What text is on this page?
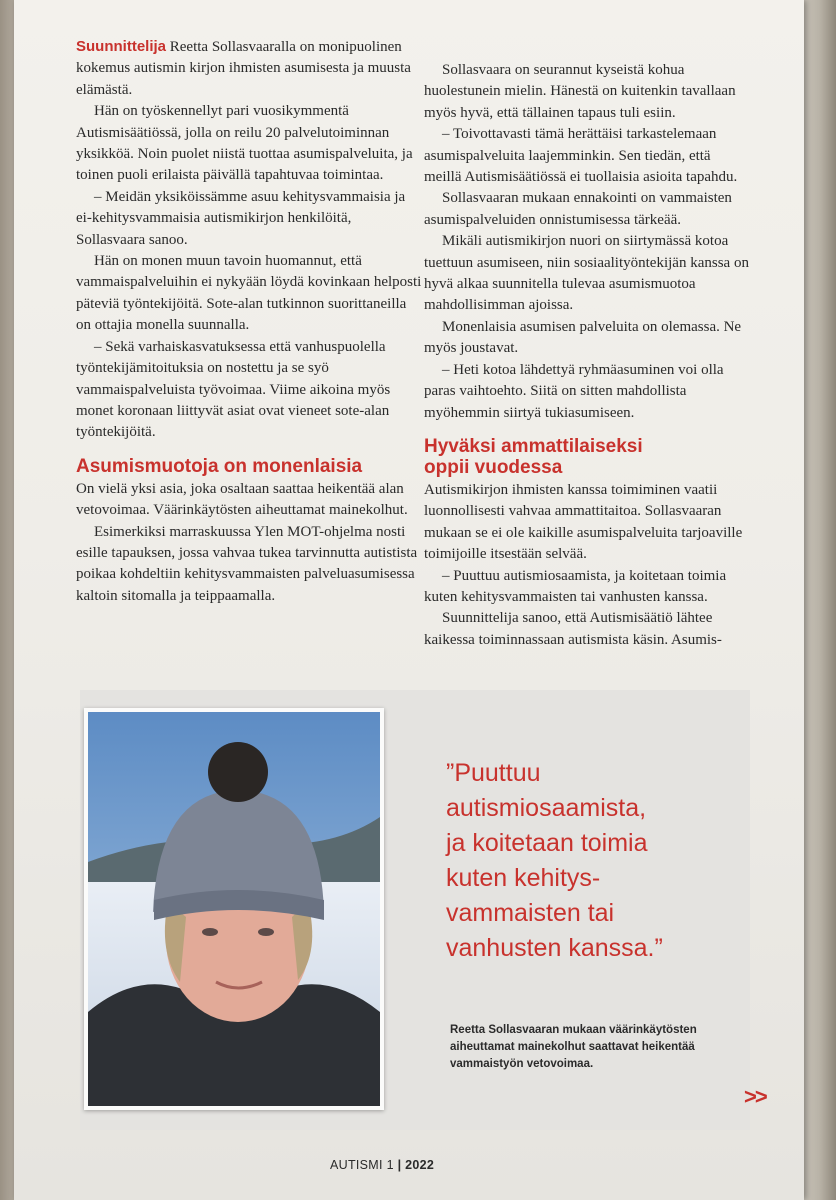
Suunnittelija Reetta Sollasvaaralla on monipuolinen kokemus autismin kirjon ihmisten asumisesta ja muusta elämästä.

Hän on työskennellyt pari vuosikymmentä Autismisäätiössä, jolla on reilu 20 palvelutoiminnan yksikköä. Noin puolet niistä tuottaa asumispalveluita, ja toinen puoli erilaista päivällä tapahtuvaa toimintaa.

– Meidän yksiköissämme asuu kehitysvammaisia ja ei-kehitysvammaisia autismikirjon henkilöitä, Sollasvaara sanoo.

Hän on monen muun tavoin huomannut, että vammaispalveluihin ei nykyään löydä kovinkaan helposti päteviä työntekijöitä. Sote-alan tutkinnon suorittaneilla on ottajia monella suunnalla.

– Sekä varhaiskasvatuksessa että vanhuspuolella työntekijämitoituksia on nostettu ja se syö vammaispalveluista työvoimaa. Viime aikoina myös monet koronaan liittyvät asiat ovat vieneet sote-alan työntekijöitä.

Asumismuotoja on monenlaisia

On vielä yksi asia, joka osaltaan saattaa heikentää alan vetovoimaa. Väärinkäytösten aiheuttamat mainekolhut.

Esimerkiksi marraskuussa Ylen MOT-ohjelma nosti esille tapauksen, jossa vahvaa tukea tarvinnutta autistista poikaa kohdeltiin kehitysvammaisten palveluasumisessa kaltoin sitomalla ja teippaamalla.

Sollasvaara on seurannut kyseistä kohua huolestunein mielin. Hänestä on kuitenkin tavallaan myös hyvä, että tällainen tapaus tuli esiin.

– Toivottavasti tämä herättäisi tarkastelemaan asumispalveluita laajemminkin. Sen tiedän, että meillä Autismisäätiössä ei tuollaisia asioita tapahdu.

Sollasvaaran mukaan ennakointi on vammaisten asumispalveluiden onnistumisessa tärkeää.

Mikäli autismikirjon nuori on siirtymässä kotoa tuettuun asumiseen, niin sosiaalityöntekijän kanssa on hyvä alkaa suunnitella tulevaa asumismuotoa mahdollisimman ajoissa.

Monenlaisia asumisen palveluita on olemassa. Ne myös joustavat.

– Heti kotoa lähdettyä ryhmäasuminen voi olla paras vaihtoehto. Siitä on sitten mahdollista myöhemmin siirtyä tukiasumiseen.

Hyväksi ammattilaiseksi
oppii vuodessa

Autismikirjon ihmisten kanssa toimiminen vaatii luonnollisesti vahvaa ammattitaitoa. Sollasvaaran mukaan se ei ole kaikille asumispalveluita tarjoaville toimijoille itsestään selvää.

– Puuttuu autismiosaamista, ja koitetaan toimia kuten kehitysvammaisten tai vanhusten kanssa.

Suunnittelija sanoo, että Autismisäätiö lähtee kaikessa toiminnassaan autismista käsin. Asumis-

”Puuttuu
autismiosaamista,
ja koitetaan toimia
kuten kehitys-
vammaisten tai
vanhusten kanssa.”
Reetta Sollasvaaran mukaan väärinkäytösten aiheuttamat mainekolhut saattavat heikentää vammaistyön vetovoimaa.
>>
AUTISMI 1 | 2022
